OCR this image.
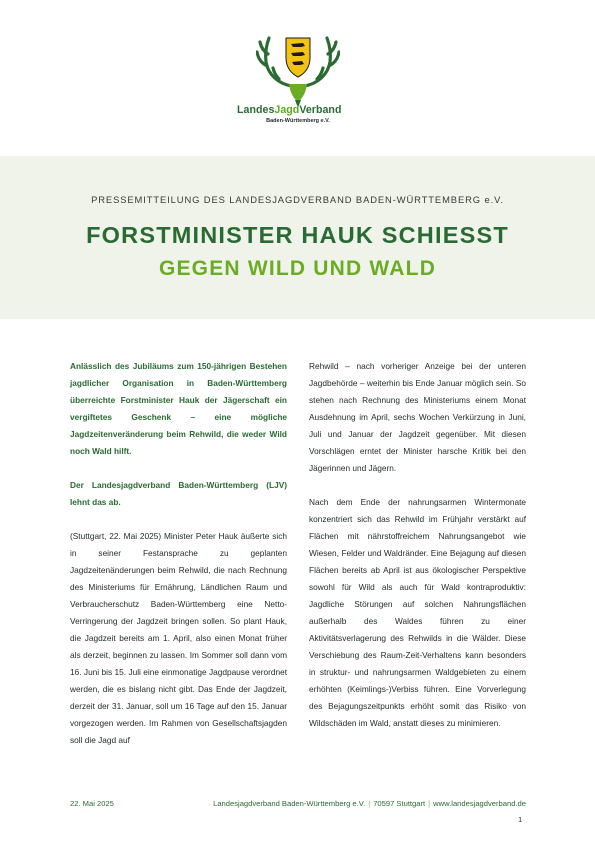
LandesJagdVerband
Baden-Württemberg e.V.
PRESSEMITTEILUNG DES LANDESJAGDVERBAND BADEN-WÜRTTEMBERG e.V.
FORSTMINISTER HAUK SCHIESST
GEGEN WILD UND WALD

Anlässlich des Jubiläums zum 150-jährigen Bestehen jagdlicher Organisation in Baden-Württemberg überreichte Forstminister Hauk der Jägerschaft ein vergiftetes Geschenk – eine mögliche Jagdzeitenveränderung beim Rehwild, die weder Wild noch Wald hilft.

Der Landesjagdverband Baden-Württemberg (LJV) lehnt das ab.

(Stuttgart, 22. Mai 2025) Minister Peter Hauk äußerte sich in seiner Festansprache zu geplanten Jagdzeitenänderungen beim Rehwild, die nach Rechnung des Ministeriums für Ernährung, Ländlichen Raum und Verbraucherschutz Baden-Württemberg eine Netto-Verringerung der Jagdzeit bringen sollen. So plant Hauk, die Jagdzeit bereits am 1. April, also einen Monat früher als derzeit, beginnen zu lassen. Im Sommer soll dann vom 16. Juni bis 15. Juli eine einmonatige Jagdpause verordnet werden, die es bislang nicht gibt. Das Ende der Jagdzeit, derzeit der 31. Januar, soll um 16 Tage auf den 15. Januar vorgezogen werden. Im Rahmen von Gesellschaftsjagden soll die Jagd auf

Rehwild – nach vorheriger Anzeige bei der unteren Jagdbehörde – weiterhin bis Ende Januar möglich sein. So stehen nach Rechnung des Ministeriums einem Monat Ausdehnung im April, sechs Wochen Verkürzung in Juni, Juli und Januar der Jagdzeit gegenüber. Mit diesen Vorschlägen erntet der Minister harsche Kritik bei den Jägerinnen und Jägern.

Nach dem Ende der nahrungsarmen Wintermonate konzentriert sich das Rehwild im Frühjahr verstärkt auf Flächen mit nährstoffreichem Nahrungsangebot wie Wiesen, Felder und Waldränder. Eine Bejagung auf diesen Flächen bereits ab April ist aus ökologischer Perspektive sowohl für Wild als auch für Wald kontraproduktiv: Jagdliche Störungen auf solchen Nahrungsflächen außerhalb des Waldes führen zu einer Aktivitätsverlagerung des Rehwilds in die Wälder. Diese Verschiebung des Raum-Zeit-Verhaltens kann besonders in struktur- und nahrungsarmen Waldgebieten zu einem erhöhten (Keimlings-)Verbiss führen. Eine Vorverlegung des Bejagungszeitpunkts erhöht somit das Risiko von Wildschäden im Wald, anstatt dieses zu minimieren.

22. Mai 2025	Landesjagdverband Baden-Württemberg e.V. | 70597 Stuttgart | www.landesjagdverband.de
1
